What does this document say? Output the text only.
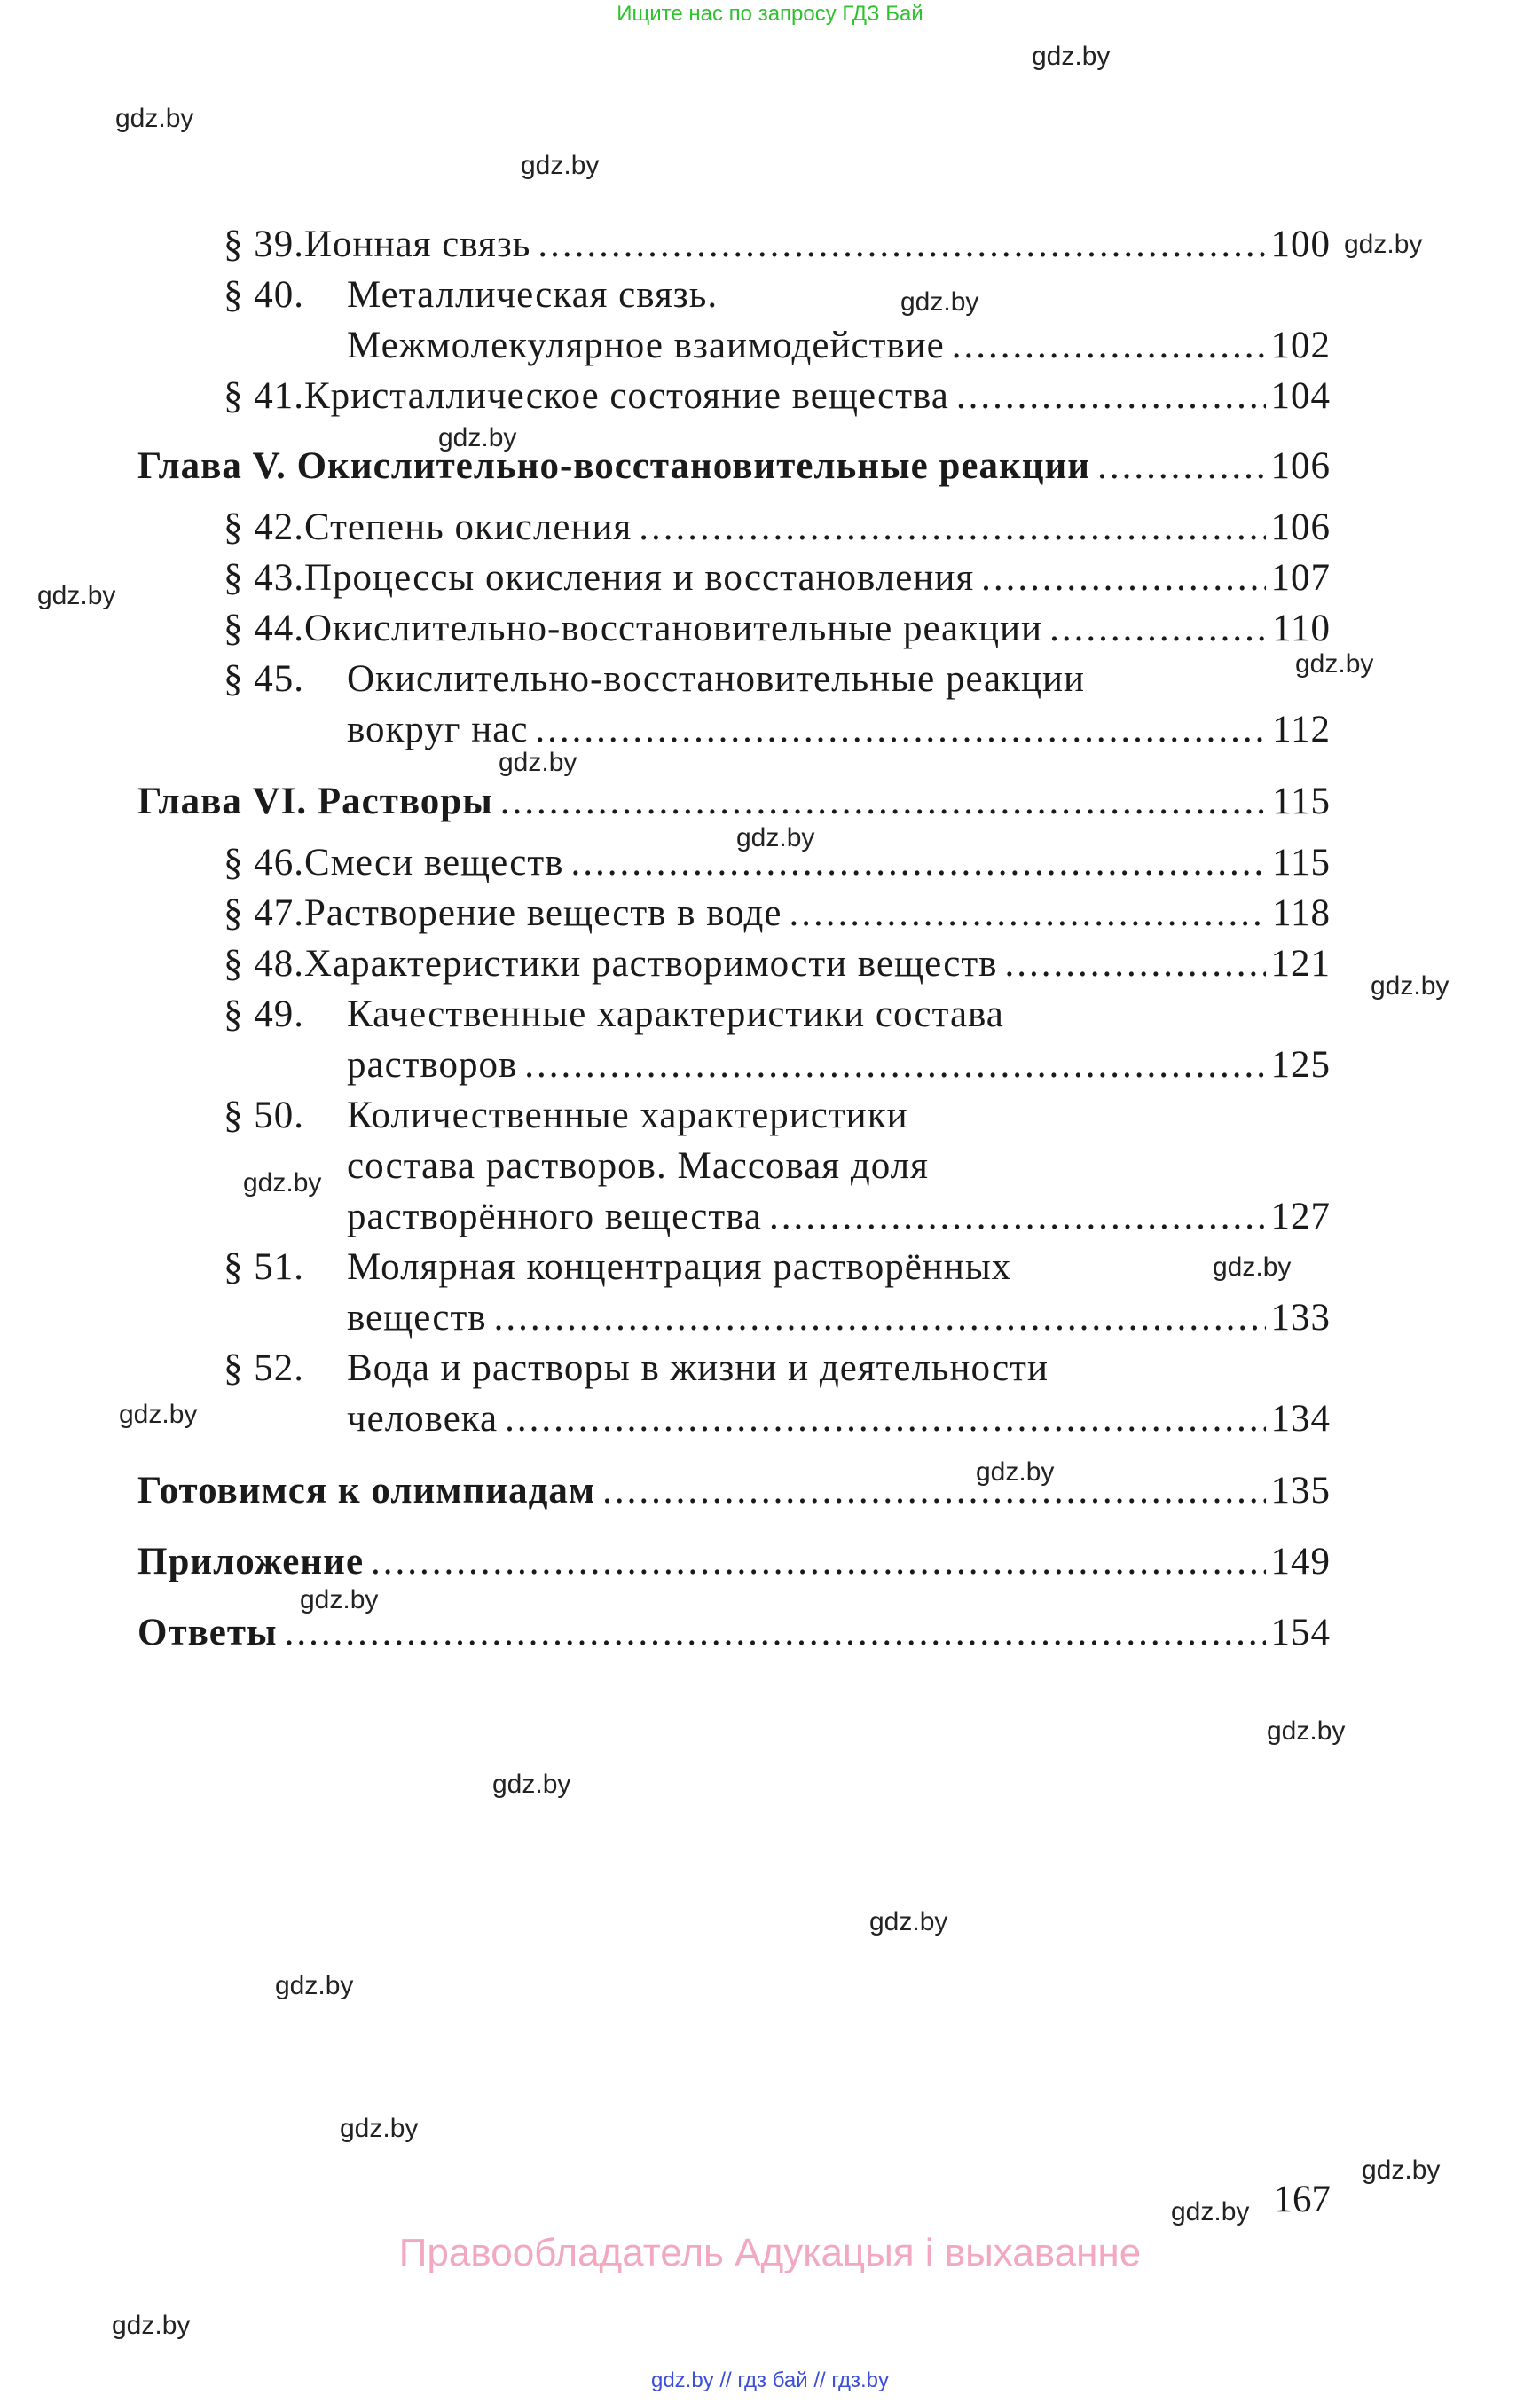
Ищите нас по запросу ГДЗ Бай
gdz.by
gdz.by
gdz.by
gdz.by
gdz.by
gdz.by
gdz.by
gdz.by
gdz.by
gdz.by
gdz.by
gdz.by
gdz.by
gdz.by
gdz.by
gdz.by
gdz.by
gdz.by
gdz.by
gdz.by
gdz.by
gdz.by
gdz.by
gdz.by
§ 39. Ионная связь .....	100
§ 40.	Металлическая связь.
Межмолекулярное взаимодействие .....	102
§ 41. Кристаллическое состояние вещества .....	104
Глава V. Окислительно-восстановительные реакции .....	106
§ 42. Степень окисления .....	106
§ 43. Процессы окисления и восстановления .....	107
§ 44. Окислительно-восстановительные реакции .....	110
§ 45.	Окислительно-восстановительные реакции
вокруг нас .....	112
Глава VI. Растворы .....	115
§ 46. Смеси веществ .....	115
§ 47. Растворение веществ в воде .....	118
§ 48. Характеристики растворимости веществ .....	121
§ 49.	Качественные характеристики состава
растворов .....	125
§ 50.	Количественные характеристики
состава растворов. Массовая доля
растворённого вещества .....	127
§ 51.	Молярная концентрация растворённых
веществ .....	133
§ 52.	Вода и растворы в жизни и деятельности
человека .....	134
Готовимся к олимпиадам .....	135
Приложение .....	149
Ответы .....	154
167
Правообладатель Адукацыя і выхаванне
gdz.by // гдз бай // гдз.by
